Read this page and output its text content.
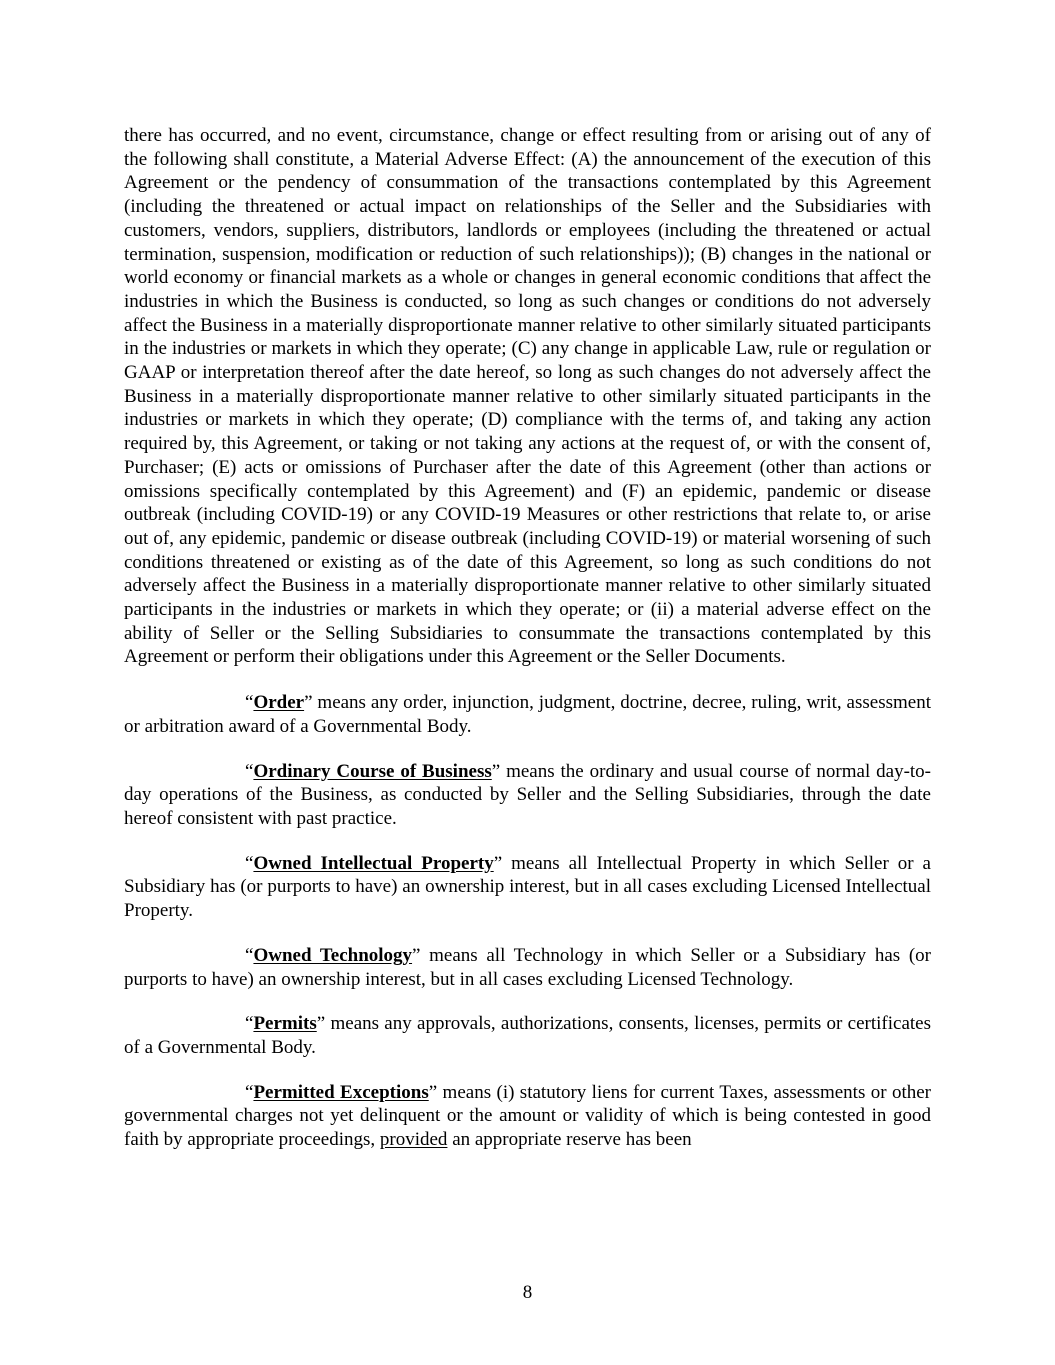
there has occurred, and no event, circumstance, change or effect resulting from or arising out of any of the following shall constitute, a Material Adverse Effect: (A) the announcement of the execution of this Agreement or the pendency of consummation of the transactions contemplated by this Agreement (including the threatened or actual impact on relationships of the Seller and the Subsidiaries with customers, vendors, suppliers, distributors, landlords or employees (including the threatened or actual termination, suspension, modification or reduction of such relationships)); (B) changes in the national or world economy or financial markets as a whole or changes in general economic conditions that affect the industries in which the Business is conducted, so long as such changes or conditions do not adversely affect the Business in a materially disproportionate manner relative to other similarly situated participants in the industries or markets in which they operate; (C) any change in applicable Law, rule or regulation or GAAP or interpretation thereof after the date hereof, so long as such changes do not adversely affect the Business in a materially disproportionate manner relative to other similarly situated participants in the industries or markets in which they operate; (D) compliance with the terms of, and taking any action required by, this Agreement, or taking or not taking any actions at the request of, or with the consent of, Purchaser; (E) acts or omissions of Purchaser after the date of this Agreement (other than actions or omissions specifically contemplated by this Agreement) and (F) an epidemic, pandemic or disease outbreak (including COVID-19) or any COVID-19 Measures or other restrictions that relate to, or arise out of, any epidemic, pandemic or disease outbreak (including COVID-19) or material worsening of such conditions threatened or existing as of the date of this Agreement, so long as such conditions do not adversely affect the Business in a materially disproportionate manner relative to other similarly situated participants in the industries or markets in which they operate; or (ii) a material adverse effect on the ability of Seller or the Selling Subsidiaries to consummate the transactions contemplated by this Agreement or perform their obligations under this Agreement or the Seller Documents.

“Order” means any order, injunction, judgment, doctrine, decree, ruling, writ, assessment or arbitration award of a Governmental Body.

“Ordinary Course of Business” means the ordinary and usual course of normal day-to-day operations of the Business, as conducted by Seller and the Selling Subsidiaries, through the date hereof consistent with past practice.

“Owned Intellectual Property” means all Intellectual Property in which Seller or a Subsidiary has (or purports to have) an ownership interest, but in all cases excluding Licensed Intellectual Property.

“Owned Technology” means all Technology in which Seller or a Subsidiary has (or purports to have) an ownership interest, but in all cases excluding Licensed Technology.

“Permits” means any approvals, authorizations, consents, licenses, permits or certificates of a Governmental Body.

“Permitted Exceptions” means (i) statutory liens for current Taxes, assessments or other governmental charges not yet delinquent or the amount or validity of which is being contested in good faith by appropriate proceedings, provided an appropriate reserve has been

8
